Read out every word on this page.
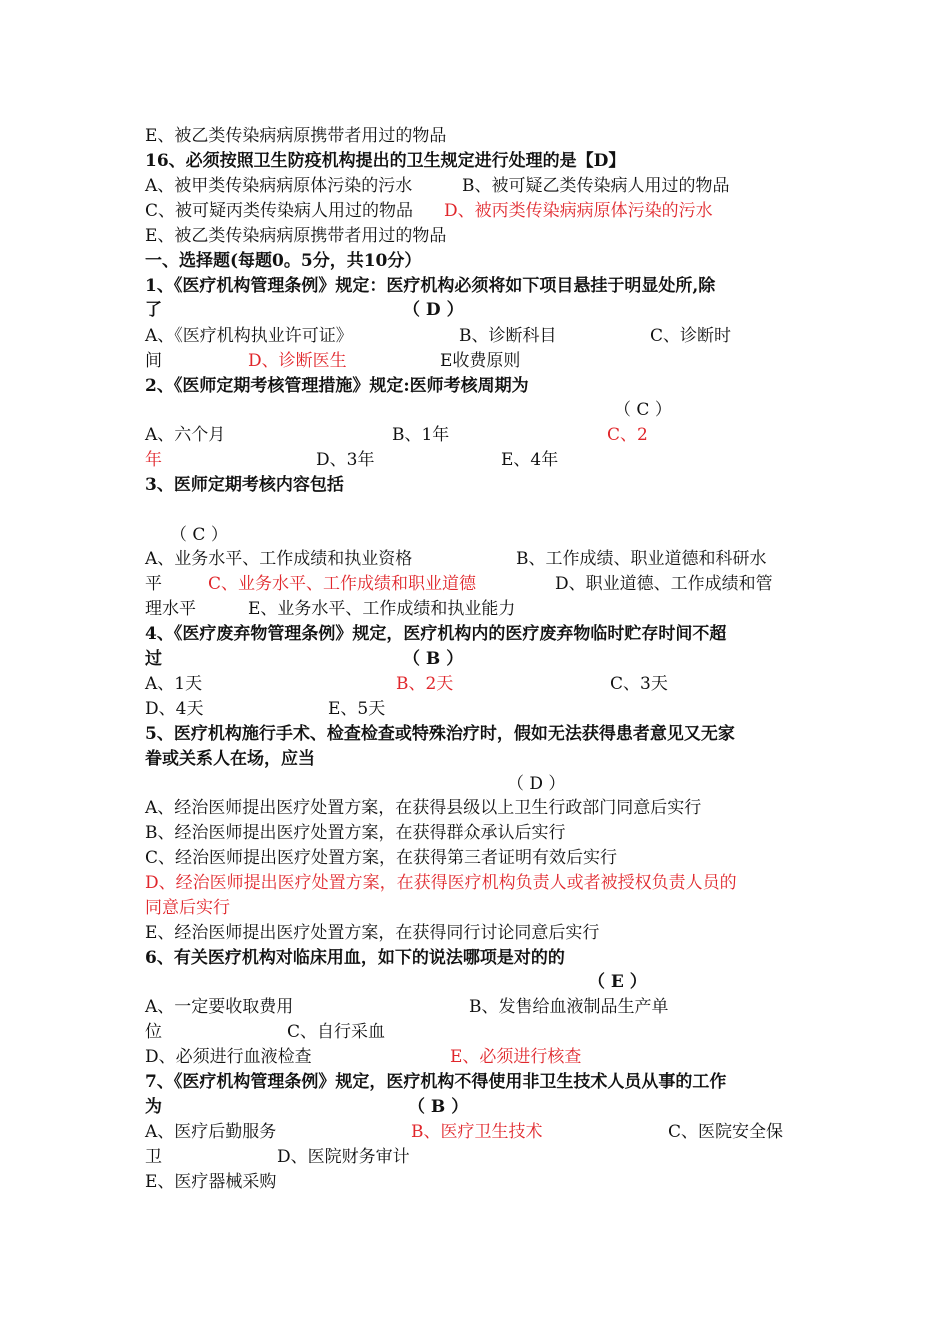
E、被乙类传染病病原携带者用过的物品
16、必须按照卫生防疫机构提出的卫生规定进行处理的是【D】
A、被甲类传染病病原体污染的污水	B、被可疑乙类传染病人用过的物品
C、被可疑丙类传染病人用过的物品 D、被丙类传染病病原体污染的污水
E、被乙类传染病病原携带者用过的物品
一、选择题(每题0。5分，共10分）
1、《医疗机构管理条例》规定：医疗机构必须将如下项目悬挂于明显处所,除
了	（ D ）
A、《医疗机构执业许可证》	B、诊断科目	C、诊断时
间	D、诊断医生	E收费原则
2、《医师定期考核管理措施》规定:医师考核周期为
（ C ）
A、六个月	B、1年	C、2
年	D、3年	E、4年
3、医师定期考核内容包括
（ C ）
A、业务水平、工作成绩和执业资格	B、工作成绩、职业道德和科研水
平	C、业务水平、工作成绩和职业道德	D、职业道德、工作成绩和管
理水平	E、业务水平、工作成绩和执业能力
4、《医疗废弃物管理条例》规定，医疗机构内的医疗废弃物临时贮存时间不超
过	（ B ）
A、1天	B、2天	C、3天
D、4天	E、5天
5、医疗机构施行手术、检查检查或特殊治疗时，假如无法获得患者意见又无家
眷或关系人在场，应当
（ D ）
A、经治医师提出医疗处置方案，在获得县级以上卫生行政部门同意后实行
B、经治医师提出医疗处置方案，在获得群众承认后实行
C、经治医师提出医疗处置方案，在获得第三者证明有效后实行
D、经治医师提出医疗处置方案，在获得医疗机构负责人或者被授权负责人员的
同意后实行
E、经治医师提出医疗处置方案，在获得同行讨论同意后实行
6、有关医疗机构对临床用血，如下的说法哪项是对的的
（ E ）
A、一定要收取费用	B、发售给血液制品生产单
位	C、自行采血
D、必须进行血液检查	E、必须进行核查
7、《医疗机构管理条例》规定，医疗机构不得使用非卫生技术人员从事的工作
为	（ B ）
A、医疗后勤服务	B、医疗卫生技术	C、医院安全保
卫	D、医院财务审计
E、医疗器械采购
